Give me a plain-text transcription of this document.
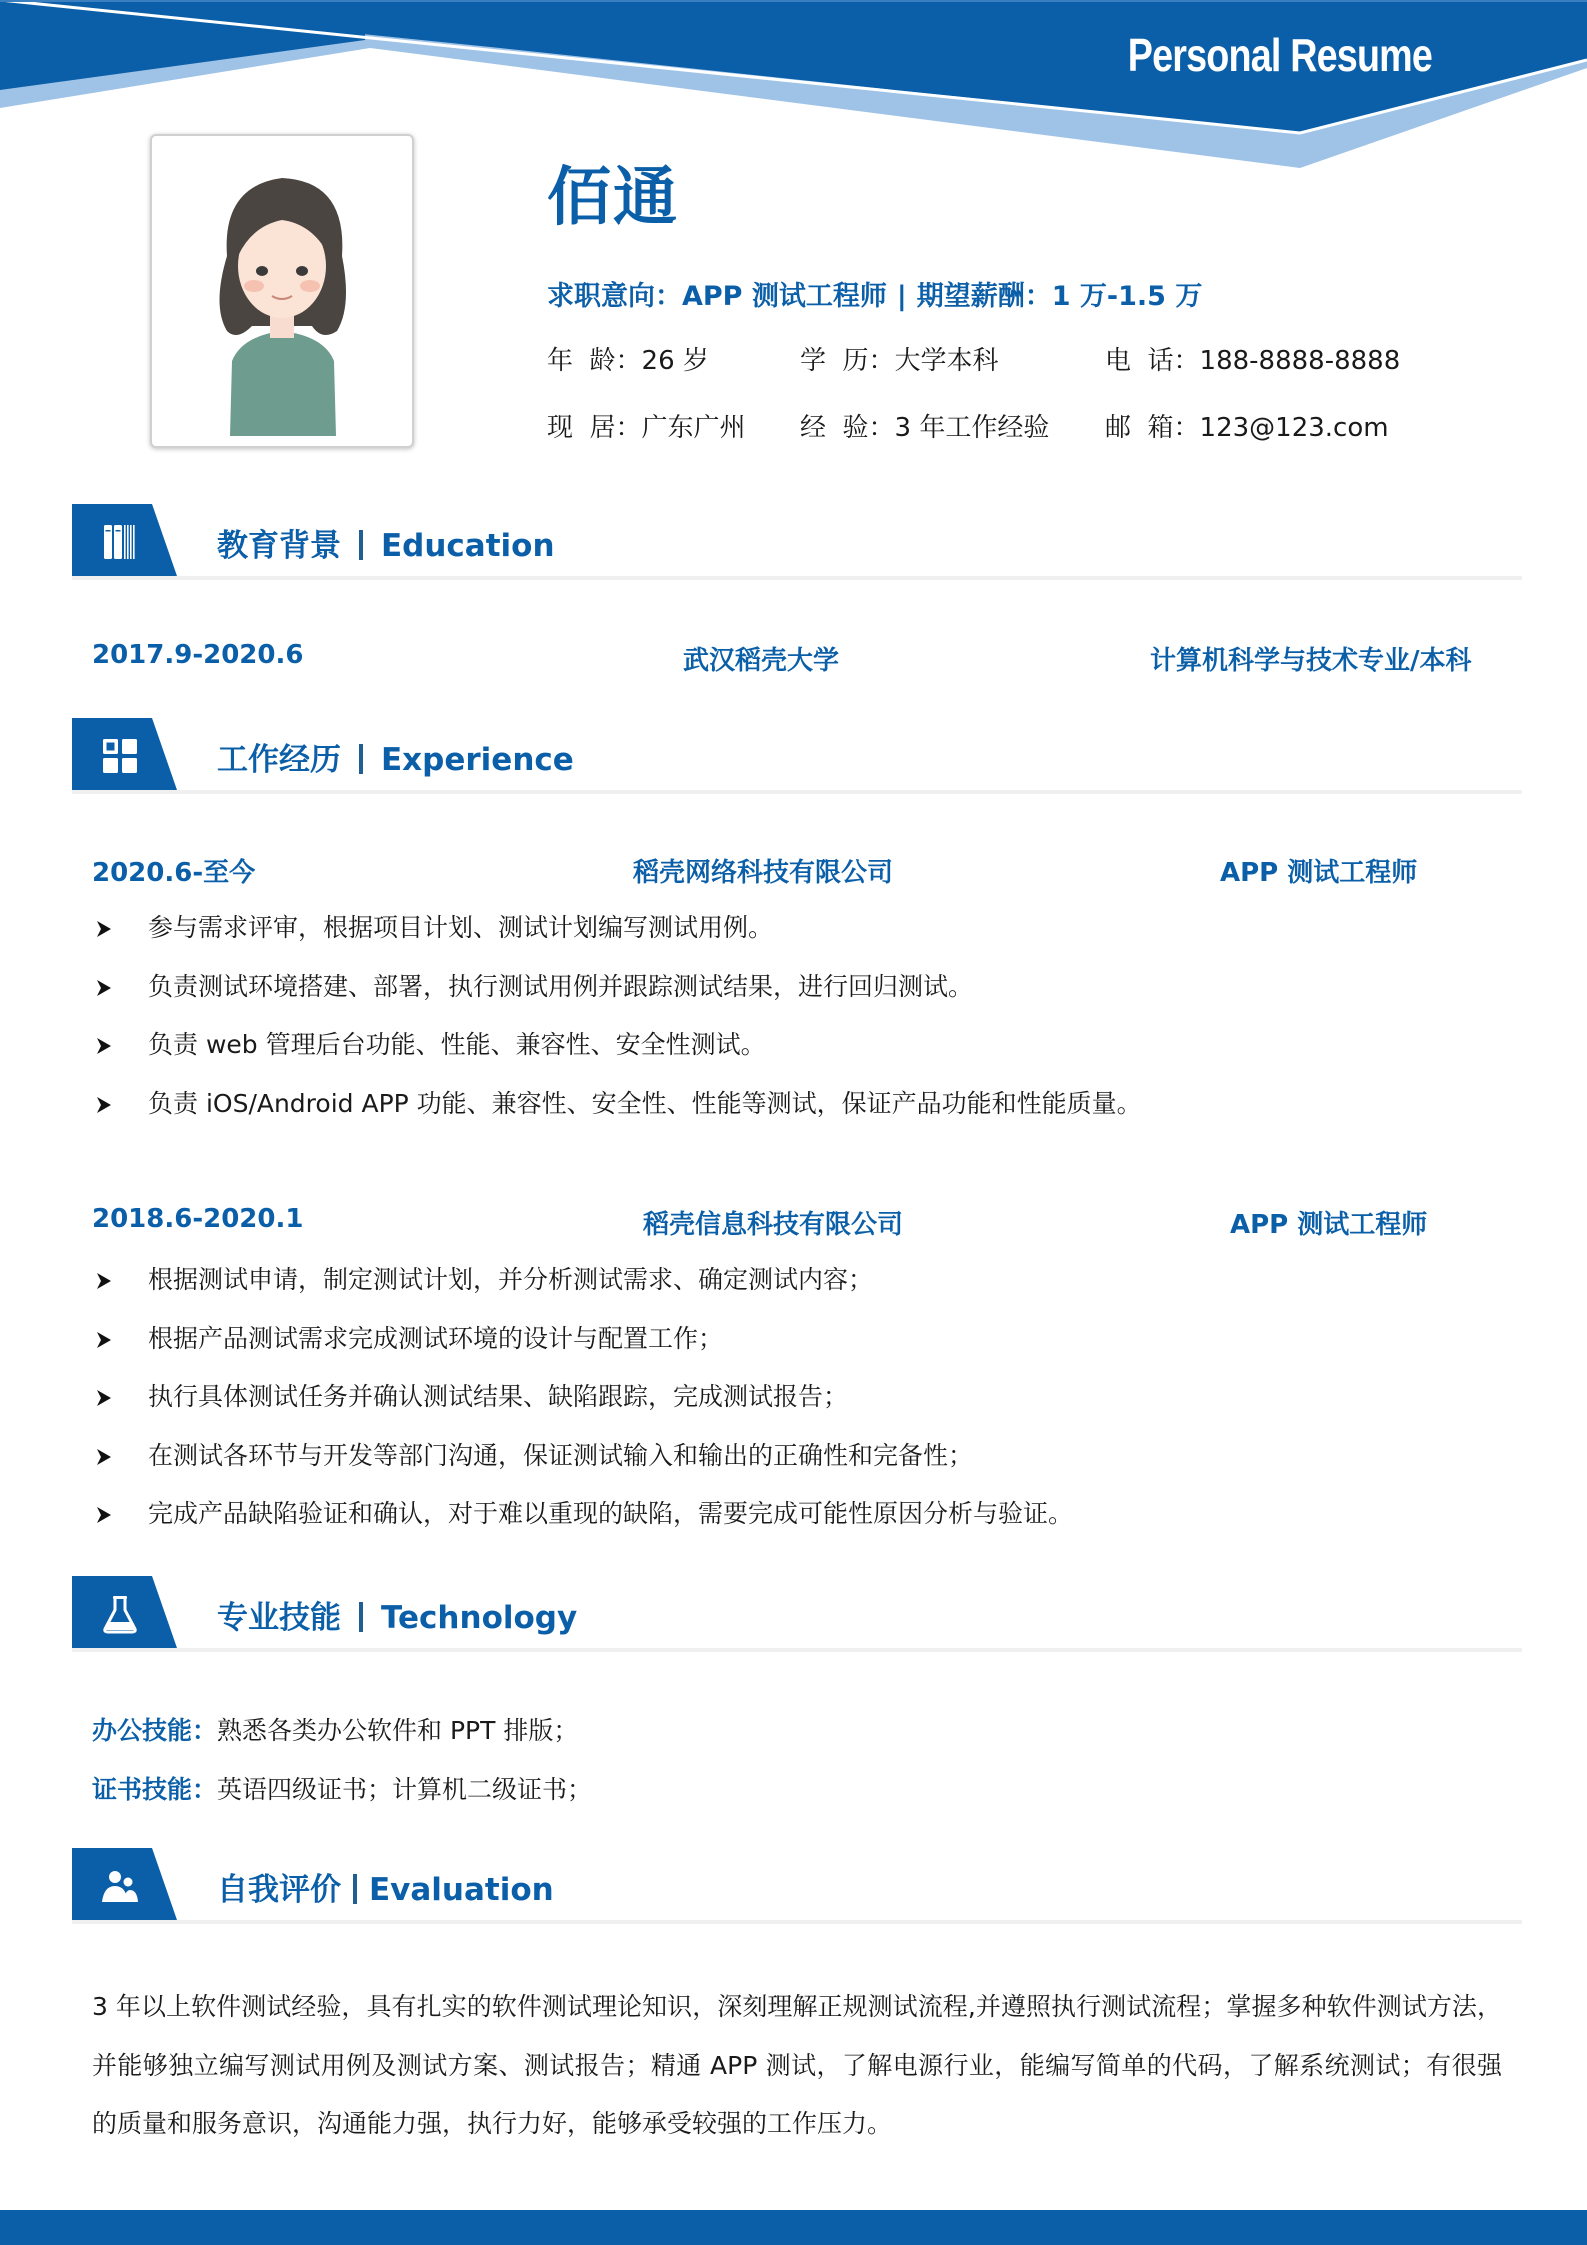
Personal Resume
佰通
求职意向：APP 测试工程师 | 期望薪酬：1 万-1.5 万
年  龄：26 岁	学  历：大学本科	电  话：188-8888-8888
现  居：广东广州 经  验：3 年工作经验 邮  箱：123@123.com
教育背景 Education
2017.9-2020.6	武汉稻壳大学	计算机科学与技术专业/本科
工作经历 Experience
2020.6-至今	稻壳网络科技有限公司	APP 测试工程师
参与需求评审，根据项目计划、测试计划编写测试用例。
负责测试环境搭建、部署，执行测试用例并跟踪测试结果，进行回归测试。
负责 web 管理后台功能、性能、兼容性、安全性测试。
负责 iOS/Android APP 功能、兼容性、安全性、性能等测试，保证产品功能和性能质量。
2018.6-2020.1	稻壳信息科技有限公司	APP 测试工程师
根据测试申请，制定测试计划，并分析测试需求、确定测试内容；
根据产品测试需求完成测试环境的设计与配置工作；
执行具体测试任务并确认测试结果、缺陷跟踪，完成测试报告；
在测试各环节与开发等部门沟通，保证测试输入和输出的正确性和完备性；
完成产品缺陷验证和确认，对于难以重现的缺陷，需要完成可能性原因分析与验证。
专业技能 Technology
办公技能：熟悉各类办公软件和 PPT 排版；
证书技能：英语四级证书；计算机二级证书；
自我评价 Evaluation
3 年以上软件测试经验，具有扎实的软件测试理论知识，深刻理解正规测试流程,并遵照执行测试流程；掌握多种软件测试方法，并能够独立编写测试用例及测试方案、测试报告；精通 APP 测试，了解电源行业，能编写简单的代码，了解系统测试；有很强的质量和服务意识，沟通能力强，执行力好，能够承受较强的工作压力。
